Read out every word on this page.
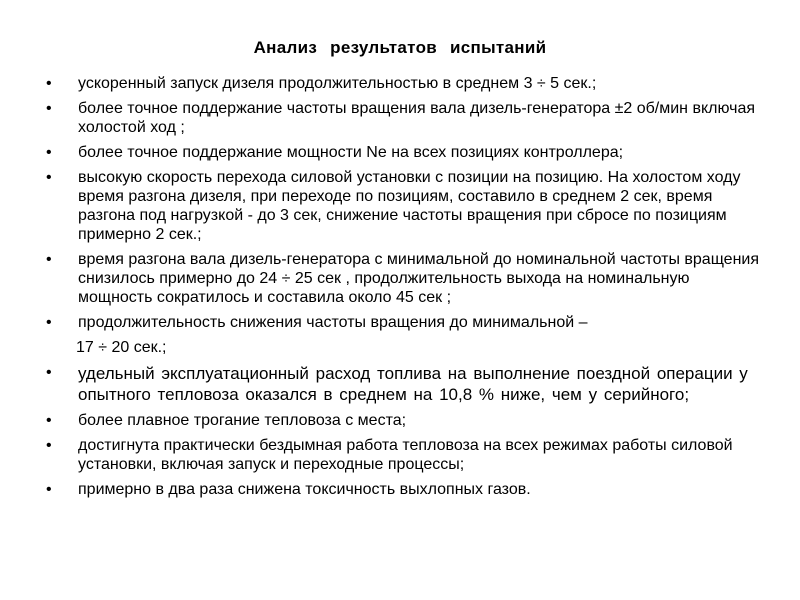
Анализ результатов испытаний
• ускоренный запуск дизеля продолжительностью в среднем 3 ÷ 5 сек.;
• более точное поддержание частоты вращения вала дизель-генератора ±2 об/мин включая холостой ход ;
• более точное поддержание мощности Ne на всех позициях контроллера;
• высокую скорость перехода силовой установки с позиции на позицию. На холостом ходу время разгона дизеля, при переходе по позициям, составило в среднем 2 сек, время разгона под нагрузкой - до 3 сек, снижение частоты вращения при сбросе по позициям примерно 2 сек.;
• время разгона вала дизель-генератора с минимальной до номинальной частоты вращения снизилось примерно до 24 ÷ 25 сек , продолжительность выхода на номинальную мощность сократилось и составила около 45 сек ;
• продолжительность снижения частоты вращения до минимальной –
17 ÷ 20 сек.;
• удельный эксплуатационный расход топлива на выполнение поездной операции у опытного тепловоза оказался в среднем на 10,8 % ниже, чем у серийного;
• более плавное трогание тепловоза с места;
• достигнута практически бездымная работа тепловоза на всех режимах работы силовой установки, включая запуск и переходные процессы;
• примерно в два раза снижена токсичность выхлопных газов.
